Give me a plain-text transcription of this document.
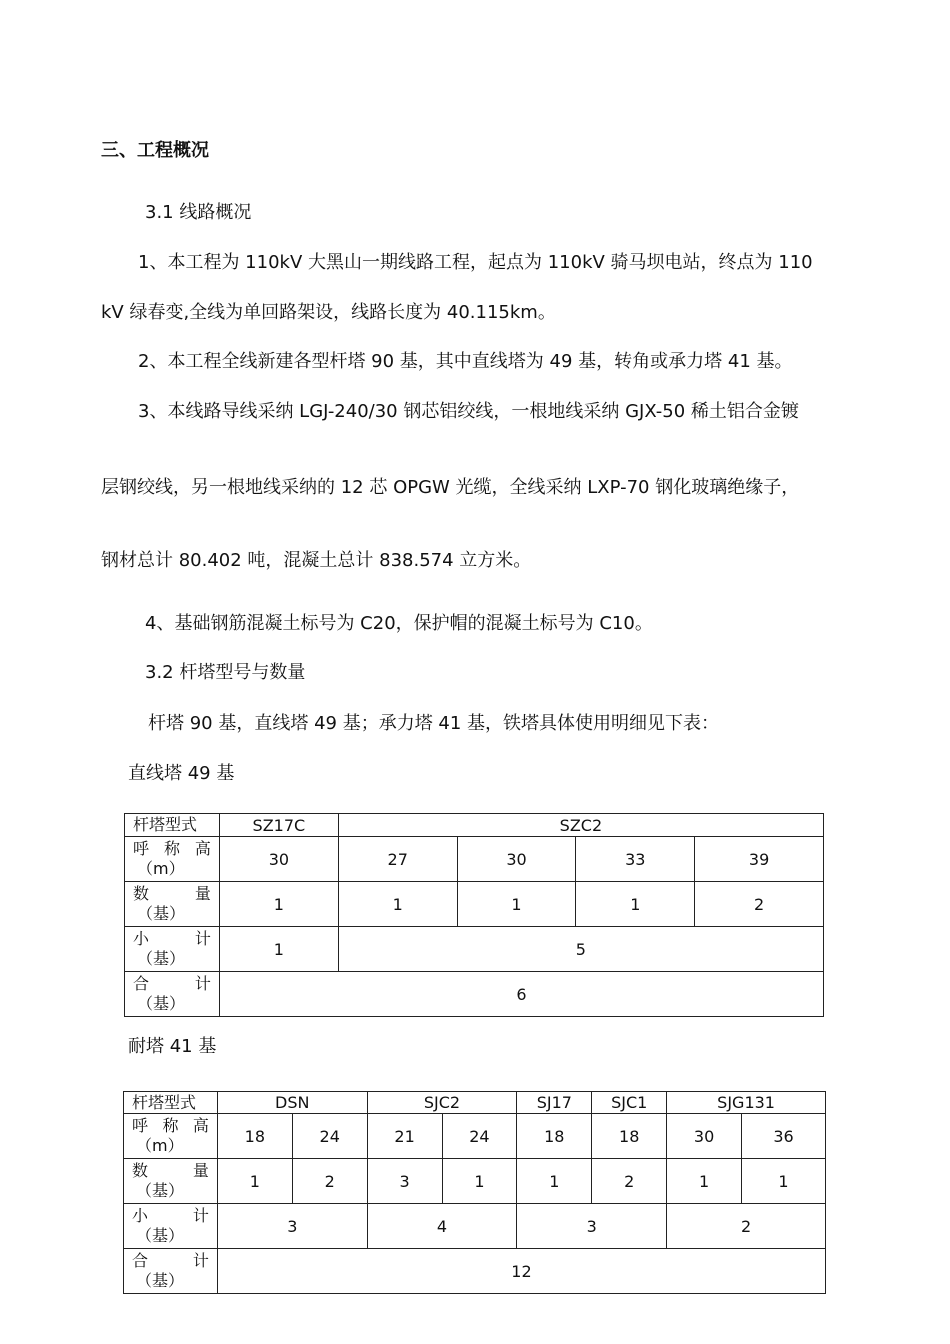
三、工程概况
3.1 线路概况
1、本工程为 110kV 大黑山一期线路工程，起点为 110kV 骑马坝电站，终点为 110
kV 绿春变,全线为单回路架设，线路长度为 40.115km。
2、本工程全线新建各型杆塔 90 基，其中直线塔为 49 基，转角或承力塔 41 基。
3、本线路导线采纳 LGJ-240/30 钢芯铝绞线，一根地线采纳 GJX-50 稀土铝合金镀
层钢绞线，另一根地线采纳的 12 芯 OPGW 光缆，全线采纳 LXP-70 钢化玻璃绝缘子，
钢材总计 80.402 吨，混凝土总计 838.574 立方米。
4、基础钢筋混凝土标号为 C20，保护帽的混凝土标号为 C10。
3.2 杆塔型号与数量
杆塔 90 基，直线塔 49 基；承力塔 41 基，铁塔具体使用明细见下表：
直线塔 49 基
杆塔型式	SZ17C	SZC2			

呼 称 高
（m）	30	27	30	33	39

数　　量
（基）	1	1	1	1	2

小　　计
（基）	1	5			

合　　计
（基）	6				
耐塔 41 基
杆塔型式	DSN		SJC2		SJ17	SJC1	SJG131	

呼 称 高
（m）	18	24	21	24	18	18	30	36

数　　量
（基）	1	2	3	1	1	2	1	1

小　　计
（基）	3		4		3		2	

合　　计
（基）	12							
